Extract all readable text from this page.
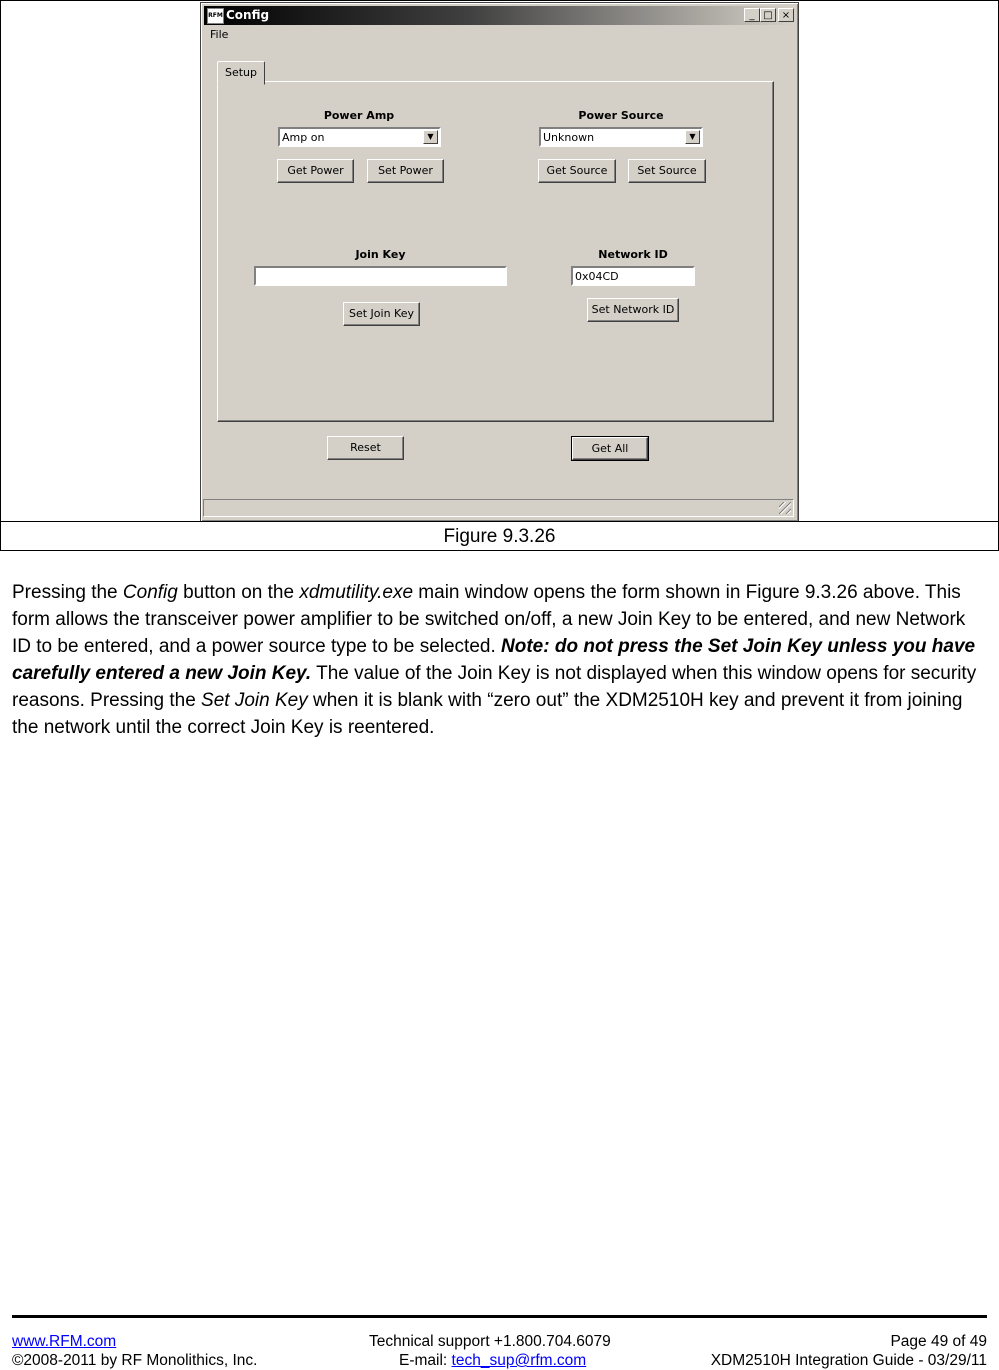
RFM Config	_ □ ×
File
Setup
Power Amp
Amp on	▼
Get Power	Set Power
Power Source
Unknown	▼
Get Source	Set Source
Join Key
Set Join Key
Network ID
0x04CD
Set Network ID
Reset	Get All
Figure 9.3.26

Pressing the Config button on the xdmutility.exe main window opens the form shown in Figure 9.3.26 above. This form allows the transceiver power amplifier to be switched on/off, a new Join Key to be entered, and new Network ID to be entered, and a power source type to be selected. Note: do not press the Set Join Key unless you have carefully entered a new Join Key. The value of the Join Key is not displayed when this window opens for security reasons. Pressing the Set Join Key when it is blank with “zero out” the XDM2510H key and prevent it from joining the network until the correct Join Key is reentered.

www.RFM.com
©2008-2011 by RF Monolithics, Inc.
Technical support +1.800.704.6079
E-mail: tech_sup@rfm.com
Page 49 of 49
XDM2510H Integration Guide - 03/29/11
